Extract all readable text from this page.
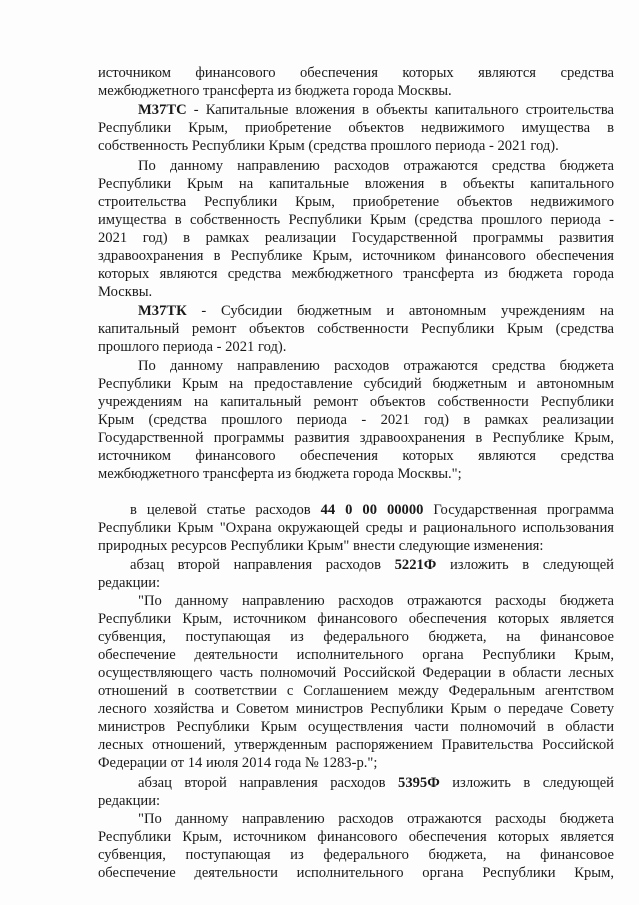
источником финансового обеспечения которых являются средства
межбюджетного трансферта из бюджета города Москвы.
М37ТС - Капитальные вложения в объекты капитального строительства
Республики Крым, приобретение объектов недвижимого имущества в
собственность Республики Крым (средства прошлого периода - 2021 год).
По данному направлению расходов отражаются средства бюджета
Республики Крым на капитальные вложения в объекты капитального
строительства Республики Крым, приобретение объектов недвижимого
имущества в собственность Республики Крым (средства прошлого периода -
2021 год) в рамках реализации Государственной программы развития
здравоохранения в Республике Крым, источником финансового обеспечения
которых являются средства межбюджетного трансферта из бюджета города
Москвы.
М37ТК - Субсидии бюджетным и автономным учреждениям на
капитальный ремонт объектов собственности Республики Крым (средства
прошлого периода - 2021 год).
По данному направлению расходов отражаются средства бюджета
Республики Крым на предоставление субсидий бюджетным и автономным
учреждениям на капитальный ремонт объектов собственности Республики
Крым (средства прошлого периода - 2021 год) в рамках реализации
Государственной программы развития здравоохранения в Республике Крым,
источником финансового обеспечения которых являются средства
межбюджетного трансферта из бюджета города Москвы.";
в целевой статье расходов 44 0 00 00000 Государственная программа
Республики Крым "Охрана окружающей среды и рационального использования
природных ресурсов Республики Крым" внести следующие изменения:
абзац второй направления расходов 5221Ф изложить в следующей
редакции:
"По данному направлению расходов отражаются расходы бюджета
Республики Крым, источником финансового обеспечения которых является
субвенция, поступающая из федерального бюджета, на финансовое
обеспечение деятельности исполнительного органа Республики Крым,
осуществляющего часть полномочий Российской Федерации в области лесных
отношений в соответствии с Соглашением между Федеральным агентством
лесного хозяйства и Советом министров Республики Крым о передаче Совету
министров Республики Крым осуществления части полномочий в области
лесных отношений, утвержденным распоряжением Правительства Российской
Федерации от 14 июля 2014 года № 1283-р.";
абзац второй направления расходов 5395Ф изложить в следующей
редакции:
"По данному направлению расходов отражаются расходы бюджета
Республики Крым, источником финансового обеспечения которых является
субвенция, поступающая из федерального бюджета, на финансовое
обеспечение деятельности исполнительного органа Республики Крым,
